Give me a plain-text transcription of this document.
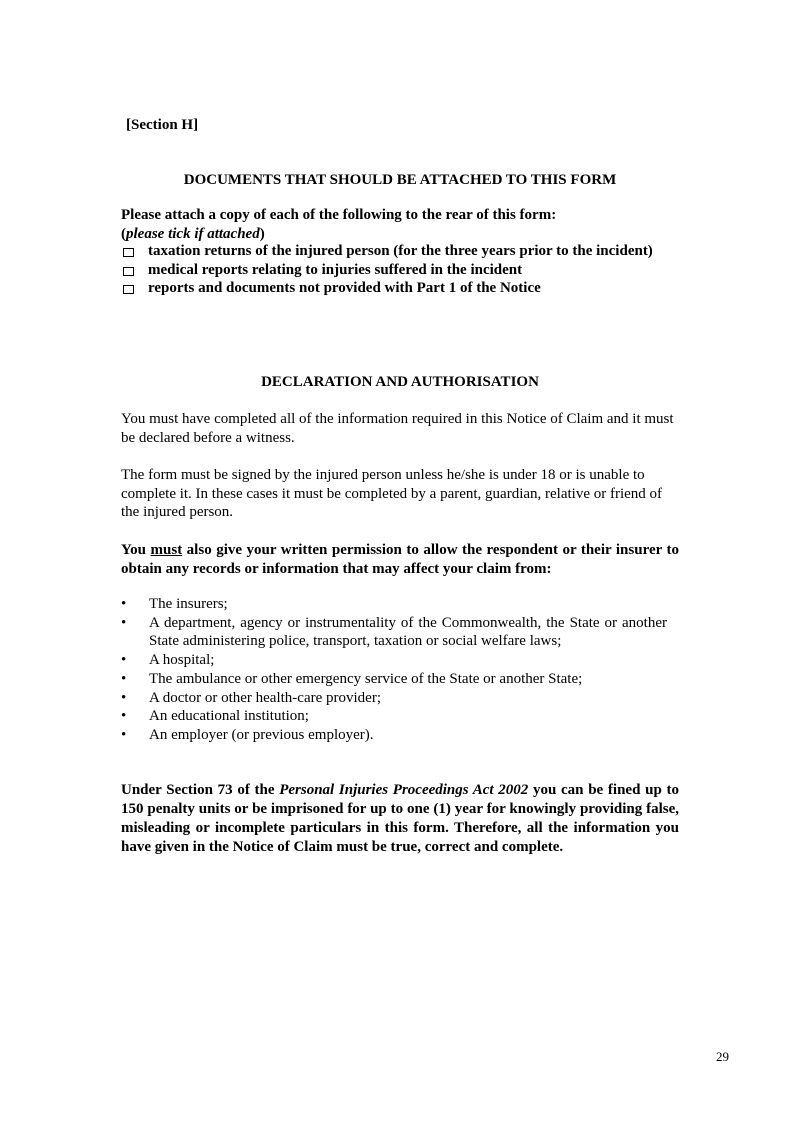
[Section H]

DOCUMENTS THAT SHOULD BE ATTACHED TO THIS FORM

Please attach a copy of each of the following to the rear of this form:

(please tick if attached)

taxation returns of the injured person (for the three years prior to the incident)
medical reports relating to injuries suffered in the incident
reports and documents not provided with Part 1 of the Notice

DECLARATION AND AUTHORISATION

You must have completed all of the information required in this Notice of Claim and it must be declared before a witness.

The form must be signed by the injured person unless he/she is under 18 or is unable to complete it. In these cases it must be completed by a parent, guardian, relative or friend of the injured person.

You must also give your written permission to allow the respondent or their insurer to obtain any records or information that may affect your claim from:

•	The insurers;
•	A department, agency or instrumentality of the Commonwealth, the State or another State administering police, transport, taxation or social welfare laws;
•	A hospital;
•	The ambulance or other emergency service of the State or another State;
•	A doctor or other health-care provider;
•	An educational institution;
•	An employer (or previous employer).

Under Section 73 of the Personal Injuries Proceedings Act 2002 you can be fined up to 150 penalty units or be imprisoned for up to one (1) year for knowingly providing false, misleading or incomplete particulars in this form. Therefore, all the information you have given in the Notice of Claim must be true, correct and complete.

29
